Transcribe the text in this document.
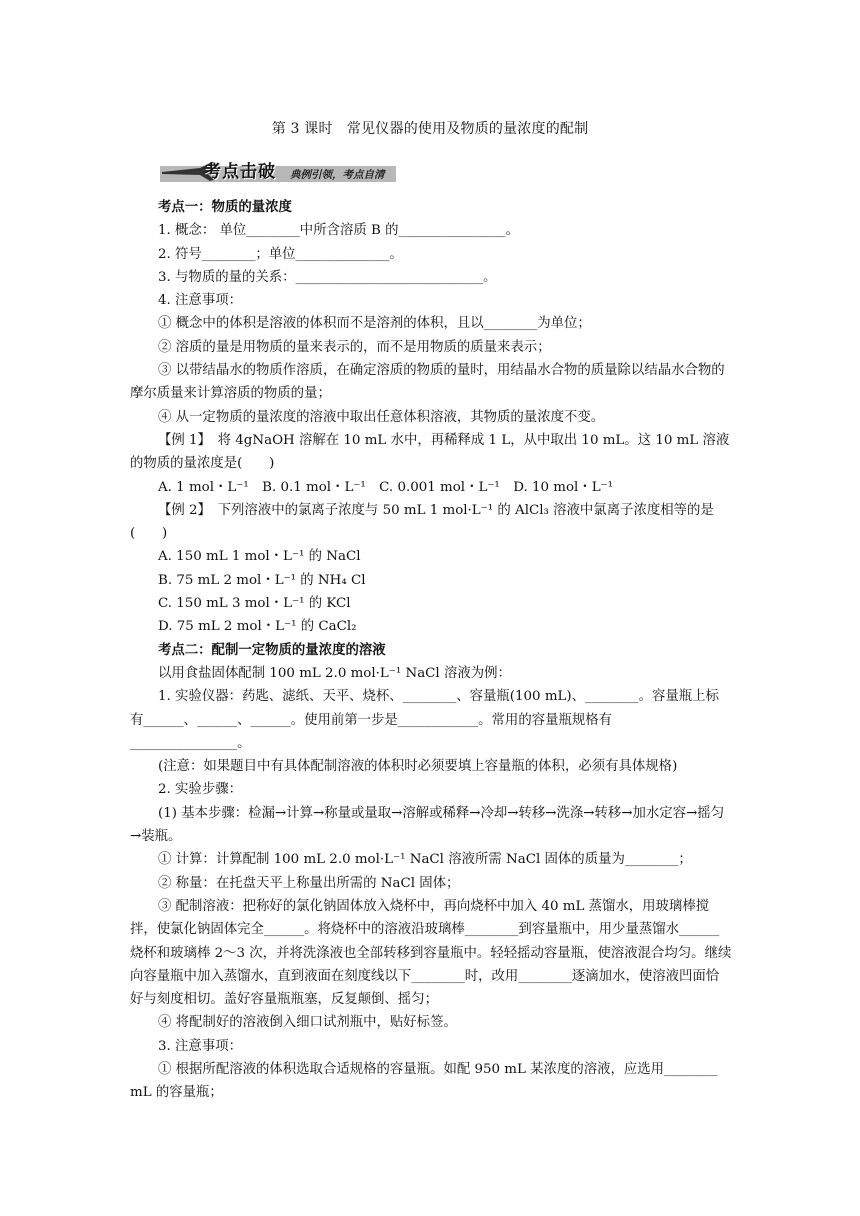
第 3 课时　常见仪器的使用及物质的量浓度的配制
考点击破 典例引领，考点自清

考点一：物质的量浓度

1. 概念： 单位________中所含溶质 B 的________________。

2. 符号________；单位______________。

3. 与物质的量的关系：____________________________。

4. 注意事项：

① 概念中的体积是溶液的体积而不是溶剂的体积，且以________为单位；

② 溶质的量是用物质的量来表示的，而不是用物质的质量来表示；

③ 以带结晶水的物质作溶质，在确定溶质的物质的量时，用结晶水合物的质量除以结晶水合物的摩尔质量来计算溶质的物质的量；

④ 从一定物质的量浓度的溶液中取出任意体积溶液，其物质的量浓度不变。

【例 1】　将 4gNaOH 溶解在 10 mL 水中，再稀释成 1 L，从中取出 10 mL。这 10 mL 溶液的物质的量浓度是(　　)

A. 1 mol・L⁻¹　B. 0.1 mol・L⁻¹　C. 0.001 mol・L⁻¹　D. 10 mol・L⁻¹

【例 2】　下列溶液中的氯离子浓度与 50 mL 1 mol·L⁻¹ 的 AlCl₃ 溶液中氯离子浓度相等的是(　　)

A. 150 mL 1 mol・L⁻¹ 的 NaCl

B. 75 mL 2 mol・L⁻¹ 的 NH₄ Cl

C. 150 mL 3 mol・L⁻¹ 的 KCl

D. 75 mL 2 mol・L⁻¹ 的 CaCl₂

考点二：配制一定物质的量浓度的溶液

以用食盐固体配制 100 mL 2.0 mol·L⁻¹ NaCl 溶液为例：

1. 实验仪器：药匙、滤纸、天平、烧杯、________、容量瓶(100 mL)、________。容量瓶上标有______、______、______。使用前第一步是____________。常用的容量瓶规格有________________。

(注意：如果题目中有具体配制溶液的体积时必须要填上容量瓶的体积，必须有具体规格)

2. 实验步骤：

(1) 基本步骤：检漏→计算→称量或量取→溶解或稀释→冷却→转移→洗涤→转移→加水定容→摇匀→装瓶。

① 计算：计算配制 100 mL 2.0 mol·L⁻¹ NaCl 溶液所需 NaCl 固体的质量为________；

② 称量：在托盘天平上称量出所需的 NaCl 固体；

③ 配制溶液：把称好的氯化钠固体放入烧杯中，再向烧杯中加入 40 mL 蒸馏水，用玻璃棒搅拌，使氯化钠固体完全______。将烧杯中的溶液沿玻璃棒________到容量瓶中，用少量蒸馏水______烧杯和玻璃棒 2～3 次，并将洗涤液也全部转移到容量瓶中。轻轻摇动容量瓶，使溶液混合均匀。继续向容量瓶中加入蒸馏水，直到液面在刻度线以下________时，改用________逐滴加水，使溶液凹面恰好与刻度相切。盖好容量瓶瓶塞，反复颠倒、摇匀；

④ 将配制好的溶液倒入细口试剂瓶中，贴好标签。

3. 注意事项：

① 根据所配溶液的体积选取合适规格的容量瓶。如配 950 mL 某浓度的溶液，应选用________ mL 的容量瓶；
